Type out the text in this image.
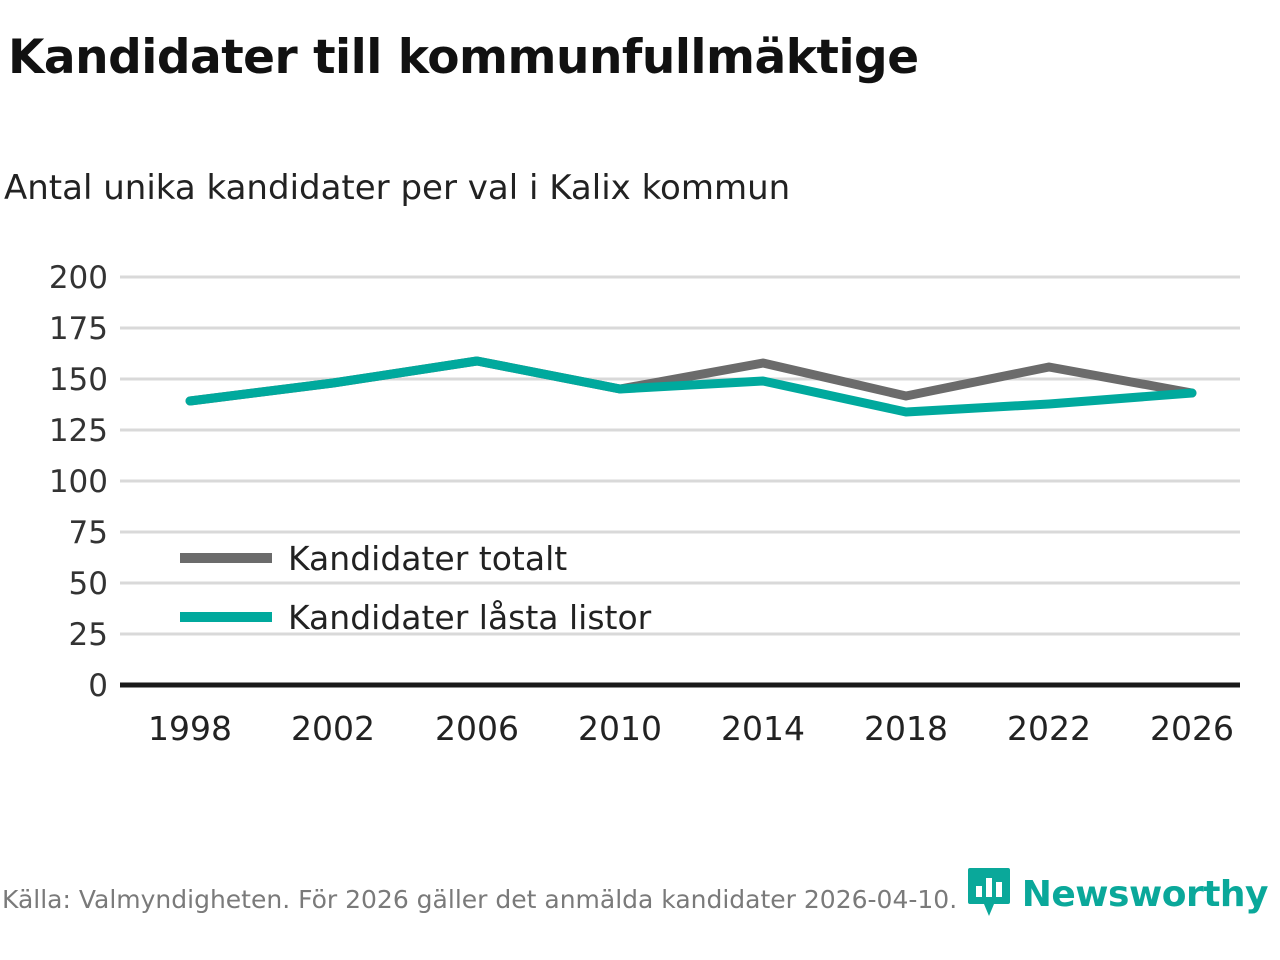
Kandidater till kommunfullmäktige
Antal unika kandidater per val i Kalix kommun
200
175
150
125
100
75
50
25
0
1998 2002 2006 2010 2014 2018 2022 2026
Kandidater totalt
Kandidater låsta listor
Källa: Valmyndigheten. För 2026 gäller det anmälda kandidater 2026-04-10. Newsworthy
